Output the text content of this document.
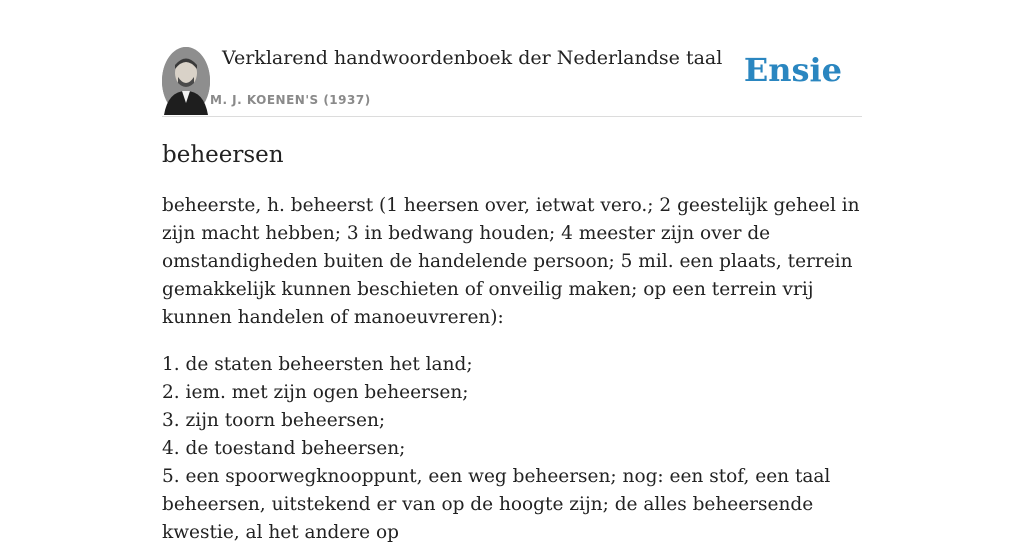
Verklarend handwoordenboek der Nederlandse taal
M. J. KOENEN'S (1937)
Ensie
beheersen

beheerste, h. beheerst (1 heersen over, ietwat vero.; 2 geestelijk geheel in zijn macht hebben; 3 in bedwang houden; 4 meester zijn over de omstandigheden buiten de handelende persoon; 5 mil. een plaats, terrein gemakkelijk kunnen beschieten of onveilig maken; op een terrein vrij kunnen handelen of manoeuvreren):

1. de staten beheersten het land;
2. iem. met zijn ogen beheersen;
3. zijn toorn beheersen;
4. de toestand beheersen;
5. een spoorwegknooppunt, een weg beheersen; nog: een stof, een taal beheersen, uitstekend er van op de hoogte zijn; de alles beheersende kwestie, al het andere op
